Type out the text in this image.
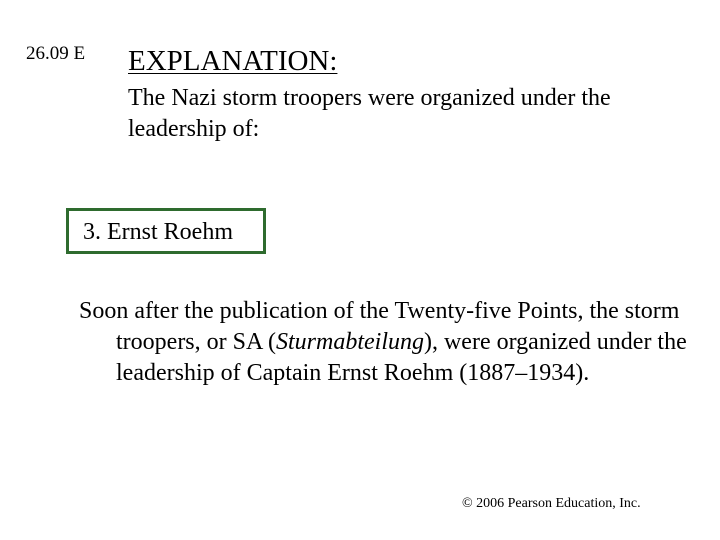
26.09 E EXPLANATION:
The Nazi storm troopers were organized under the leadership of:
3. Ernst Roehm

Soon after the publication of the Twenty-five Points, the storm troopers, or SA (Sturmabteilung), were organized under the leadership of Captain Ernst Roehm (1887–1934).

© 2006 Pearson Education, Inc.
